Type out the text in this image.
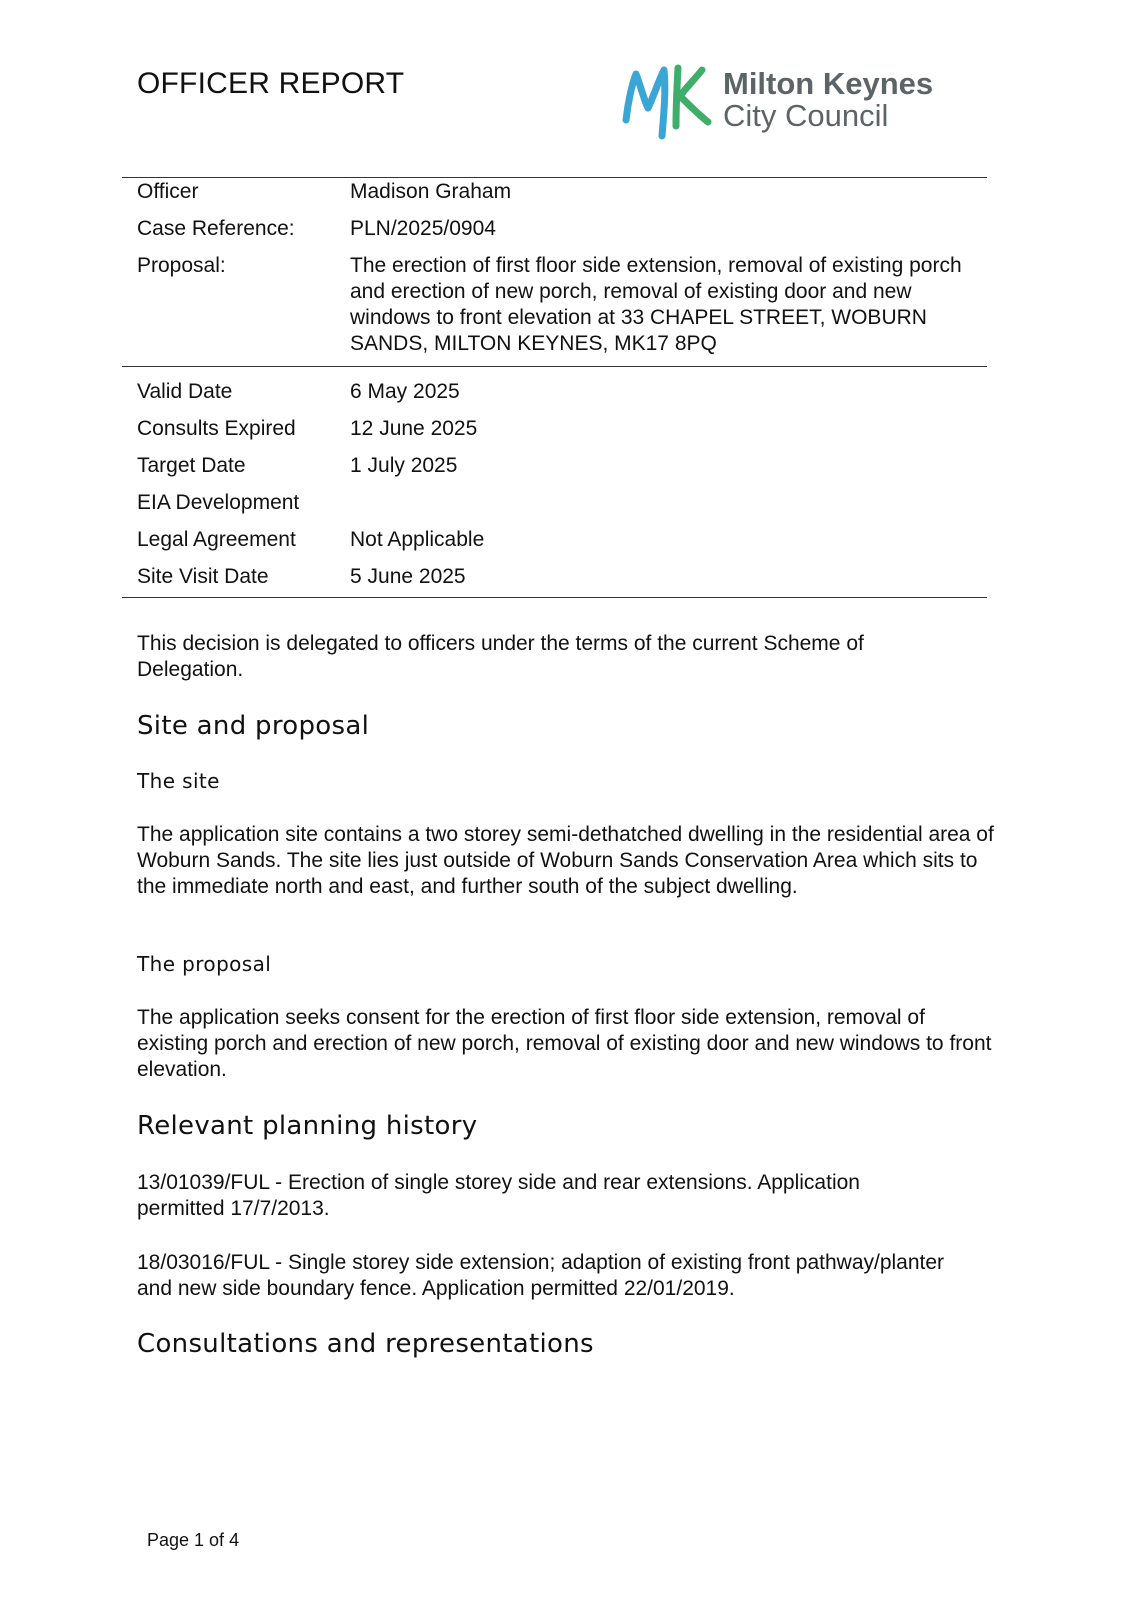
OFFICER REPORT	Milton Keynes
City Council
Officer	Madison Graham
Case Reference:	PLN/2025/0904
Proposal:	The erection of first floor side extension, removal of existing porch and erection of new porch, removal of existing door and new windows to front elevation at 33 CHAPEL STREET, WOBURN SANDS, MILTON KEYNES, MK17 8PQ
Valid Date	6 May 2025
Consults Expired	12 June 2025
Target Date	1 July 2025
EIA Development
Legal Agreement	Not Applicable
Site Visit Date	5 June 2025

This decision is delegated to officers under the terms of the current Scheme of Delegation.

Site and proposal
The site

The application site contains a two storey semi-dethatched dwelling in the residential area of Woburn Sands. The site lies just outside of Woburn Sands Conservation Area which sits to the immediate north and east, and further south of the subject dwelling.

The proposal

The application seeks consent for the erection of first floor side extension, removal of existing porch and erection of new porch, removal of existing door and new windows to front elevation.

Relevant planning history

13/01039/FUL - Erection of single storey side and rear extensions. Application permitted 17/7/2013.

18/03016/FUL - Single storey side extension; adaption of existing front pathway/planter and new side boundary fence. Application permitted 22/01/2019.

Consultations and representations
Page 1 of 4
